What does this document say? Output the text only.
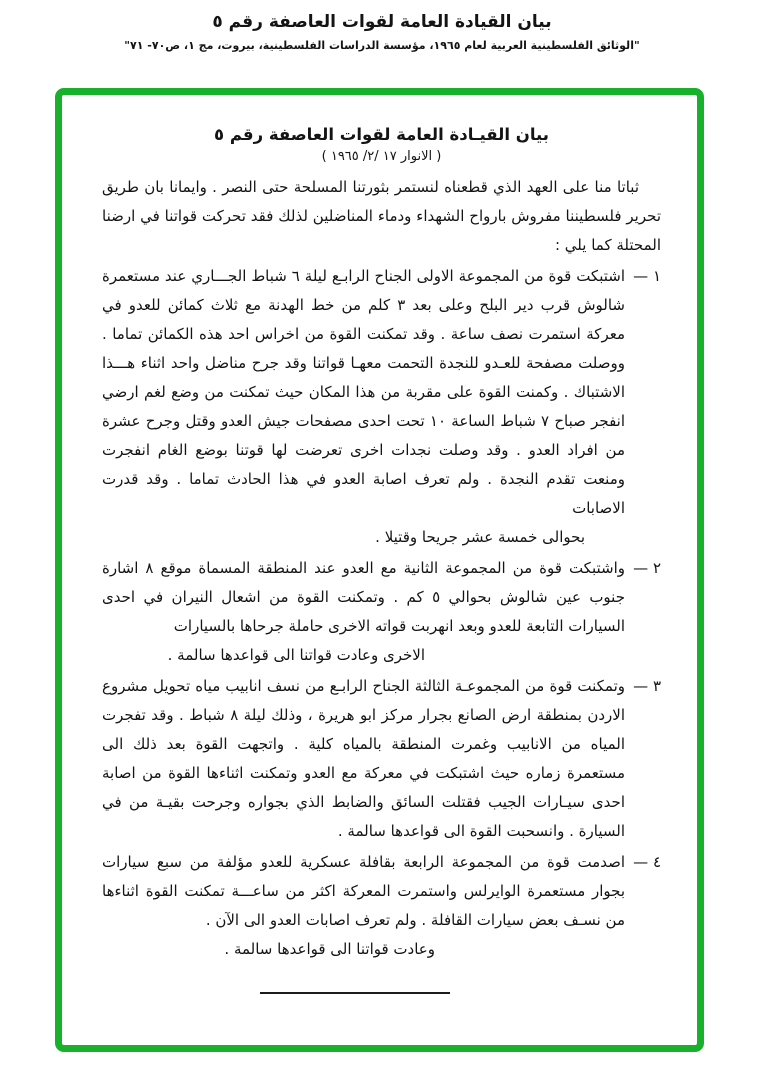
بيان القيادة العامة لقوات العاصفة رقم ٥
"الوثائق الفلسطينية العربية لعام ١٩٦٥، مؤسسة الدراسات الفلسطينية، بيروت، مج ١، ص٧٠- ٧١"
بيان القيـادة العامة لقوات العاصفة رقم ٥
( الانوار ١٧ /٢/ ١٩٦٥ )

ثباتا منا على العهد الذي قطعناه لنستمر بثورتنا المسلحة حتى النصر . وايمانا بان طريق تحرير فلسطيننا مفروش بارواح الشهداء ودماء المناضلين لذلك فقد تحركت قواتنا في ارضنا المحتلة كما يلي :

١ —

اشتبكت قوة من المجموعة الاولى الجناح الرابـع ليلة ٦ شباط الجـــاري عند مستعمرة شالوش قرب دير البلح وعلى بعد ٣ كلم من خط الهدنة مع ثلاث كمائن للعدو في معركة استمرت نصف ساعة . وقد تمكنت القوة من اخراس احد هذه الكمائن تماما . ووصلت مصفحة للعـدو للنجدة التحمت معهـا قواتنا وقد جرح مناضل واحد اثناء هـــذا الاشتباك . وكمنت القوة على مقربة من هذا المكان حيث تمكنت من وضع لغم ارضي انفجر صباح ٧ شباط الساعة ١٠ تحت احدى مصفحات جيش العدو وقتل وجرح عشرة من افراد العدو . وقد وصلت نجدات اخرى تعرضت لها قوتنا بوضع الغام انفجرت ومنعت تقدم النجدة . ولم تعرف اصابة العدو في هذا الحادث تماما . وقد قدرت الاصابات

بحوالى خمسة عشر جريحا وقتيلا .

٢ —

واشتبكت قوة من المجموعة الثانية مع العدو عند المنطقة المسماة موقع ٨ اشارة جنوب عين شالوش بحوالي ٥ كم . وتمكنت القوة من اشعال النيران في احدى السيارات التابعة للعدو وبعد انهربت قواته الاخرى حاملة جرحاها بالسيارات

الاخرى وعادت قواتنا الى قواعدها سالمة .

٣ —

وتمكنت قوة من المجموعـة الثالثة الجناح الرابـع من نسف انابيب مياه تحويل مشروع الاردن بمنطقة ارض الصانع بجرار مركز ابو هريرة ، وذلك ليلة ٨ شباط . وقد تفجرت المياه من الانابيب وغمرت المنطقة بالمياه كلية . واتجهت القوة بعد ذلك الى مستعمرة زماره حيث اشتبكت في معركة مع العدو وتمكنت اثناءها القوة من اصابة احدى سيـارات الجيب فقتلت السائق والضابط الذي بجواره وجرحت بقيـة من في السيارة . وانسحبت القوة الى قواعدها سالمة .

٤ —

اصدمت قوة من المجموعة الرابعة بقافلة عسكرية للعدو مؤلفة من سبع سيارات بجوار مستعمرة الوايرلس واستمرت المعركة اكثر من ساعـــة تمكنت القوة اثناءها من نسـف بعض سيارات القافلة . ولم تعرف اصابات العدو الى الآن .

وعادت قواتنا الى قواعدها سالمة .
